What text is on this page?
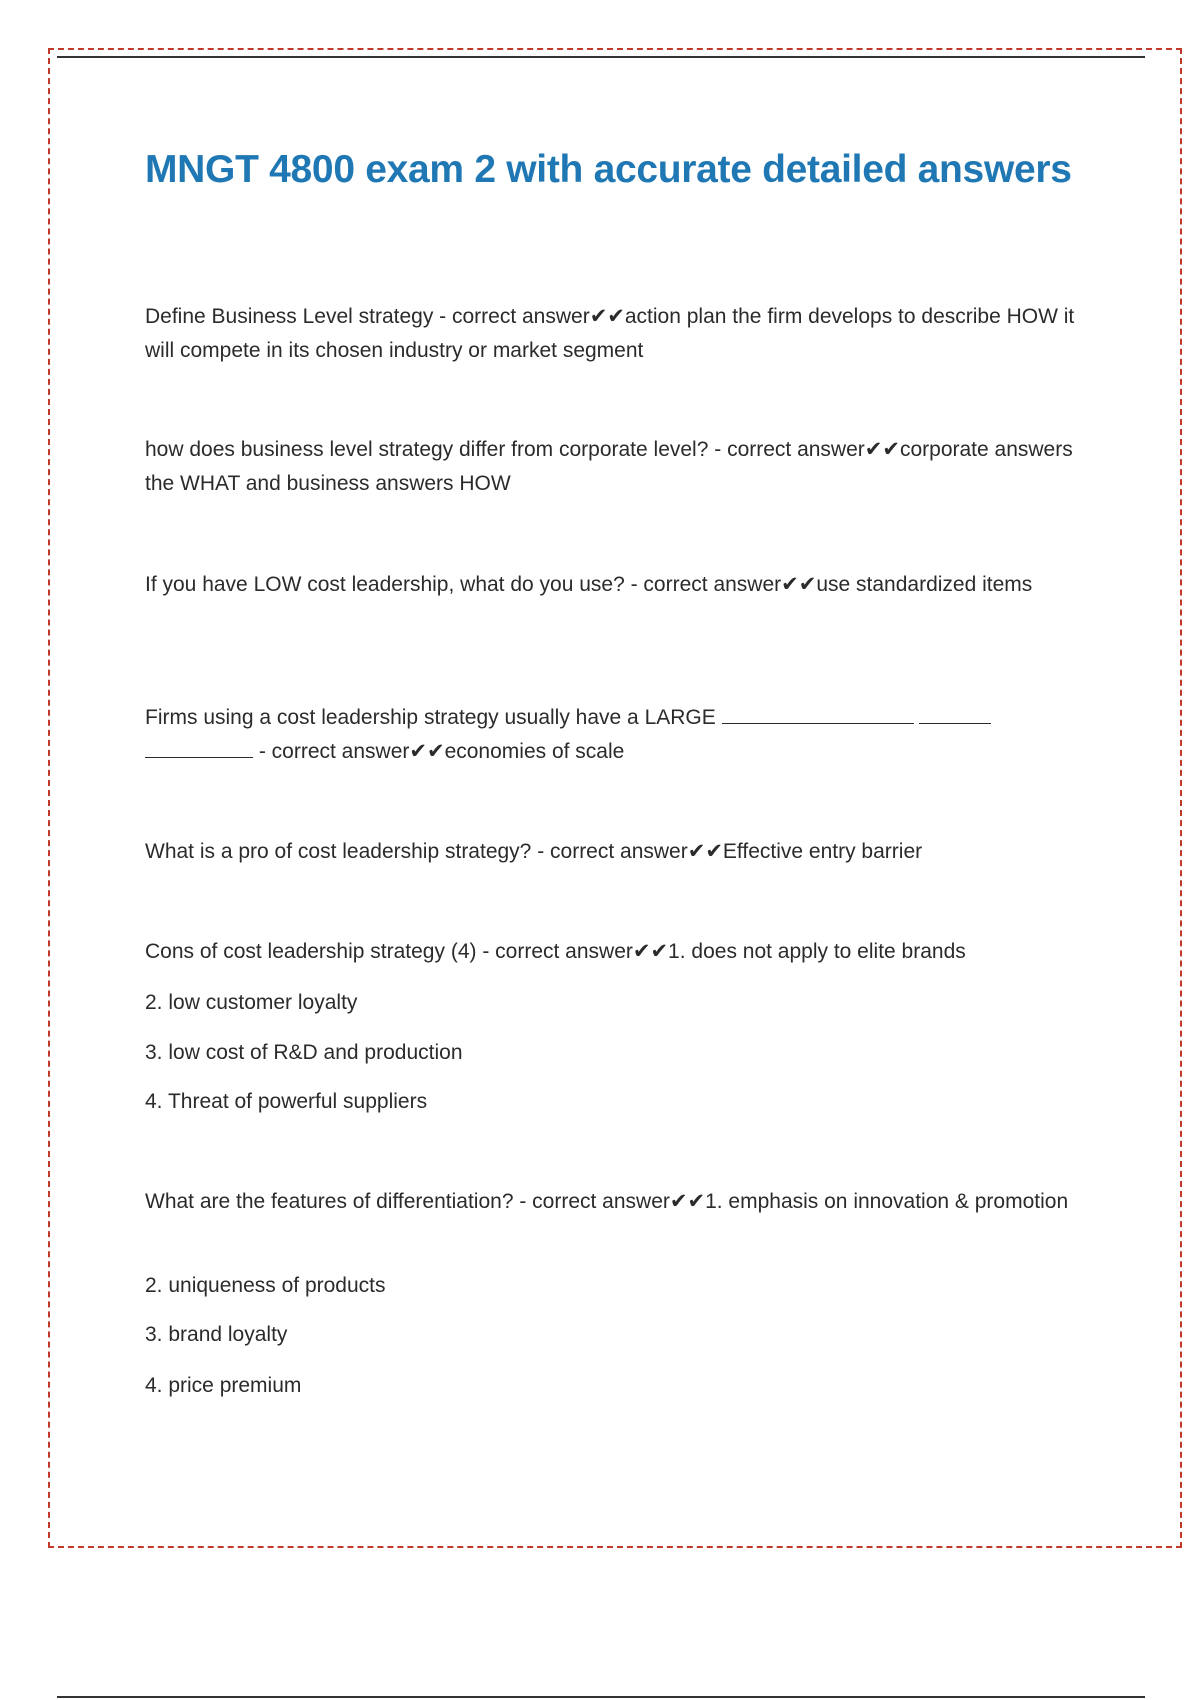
MNGT 4800 exam 2 with accurate detailed answers

Define Business Level strategy - correct answer✔✔action plan the firm develops to describe HOW it will compete in its chosen industry or market segment

how does business level strategy differ from corporate level? - correct answer✔✔corporate answers the WHAT and business answers HOW

If you have LOW cost leadership, what do you use? - correct answer✔✔use standardized items

Firms using a cost leadership strategy usually have a LARGE    - correct answer✔✔economies of scale

What is a pro of cost leadership strategy? - correct answer✔✔Effective entry barrier

Cons of cost leadership strategy (4) - correct answer✔✔1. does not apply to elite brands

2. low customer loyalty

3. low cost of R&D and production

4. Threat of powerful suppliers

What are the features of differentiation? - correct answer✔✔1. emphasis on innovation & promotion

2. uniqueness of products

3. brand loyalty

4. price premium
